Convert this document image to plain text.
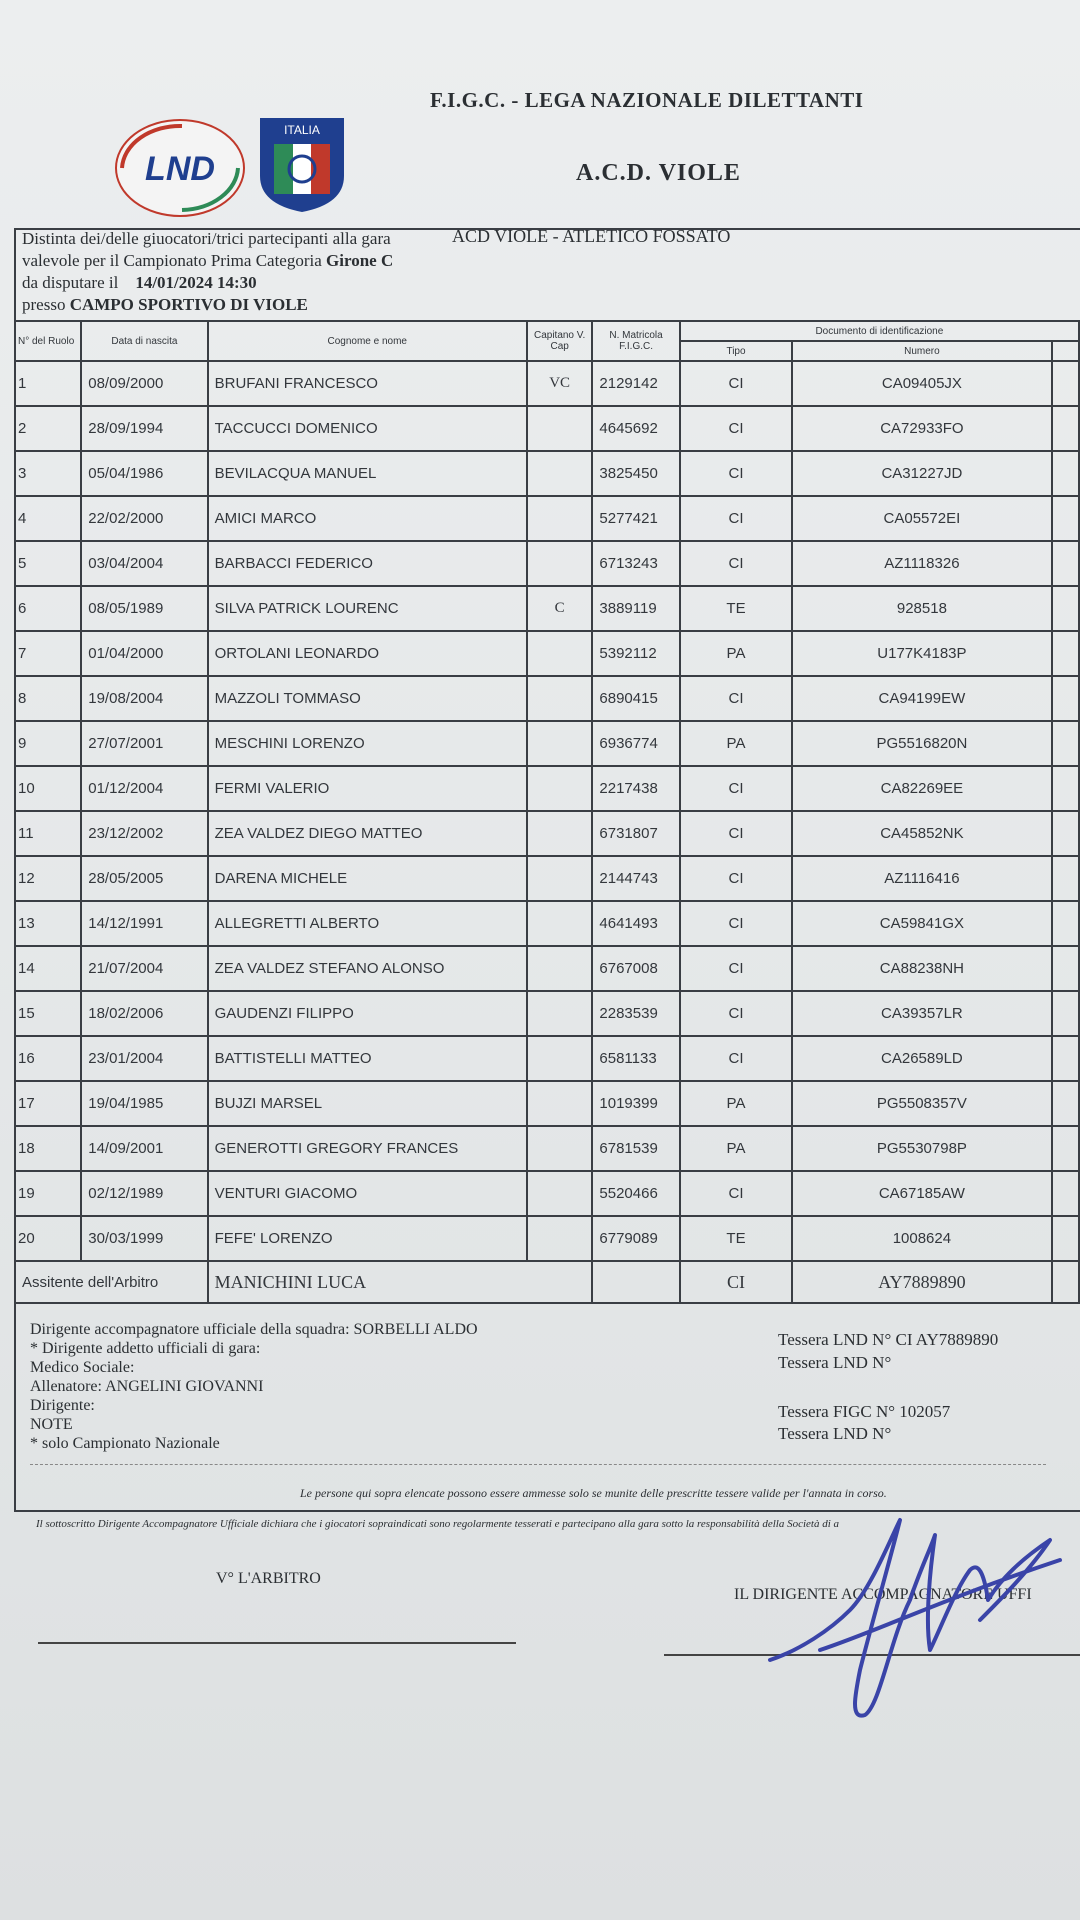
LND
ITALIA
F.I.G.C. - LEGA NAZIONALE DILETTANTI
A.C.D. VIOLE
Distinta dei/delle giuocatori/trici partecipanti alla gara
valevole per il Campionato Prima Categoria Girone C
da disputare il 14/01/2024 14:30
presso CAMPO SPORTIVO DI VIOLE
ACD VIOLE - ATLETICO FOSSATO
N° del Ruolo	Data di nascita	Cognome e nome	Capitano V. Cap	N. Matricola F.I.G.C.	Documento di identificazione		
					Tipo	Numero	
1	08/09/2000	BRUFANI FRANCESCO	VC	2129142	CI	CA09405JX	
2	28/09/1994	TACCUCCI DOMENICO		4645692	CI	CA72933FO	
3	05/04/1986	BEVILACQUA MANUEL		3825450	CI	CA31227JD	
4	22/02/2000	AMICI MARCO		5277421	CI	CA05572EI	
5	03/04/2004	BARBACCI FEDERICO		6713243	CI	AZ1118326	
6	08/05/1989	SILVA PATRICK LOURENC	C	3889119	TE	928518	
7	01/04/2000	ORTOLANI LEONARDO		5392112	PA	U177K4183P	
8	19/08/2004	MAZZOLI TOMMASO		6890415	CI	CA94199EW	
9	27/07/2001	MESCHINI LORENZO		6936774	PA	PG5516820N	
10	01/12/2004	FERMI VALERIO		2217438	CI	CA82269EE	
11	23/12/2002	ZEA VALDEZ DIEGO MATTEO		6731807	CI	CA45852NK	
12	28/05/2005	DARENA MICHELE		2144743	CI	AZ1116416	
13	14/12/1991	ALLEGRETTI ALBERTO		4641493	CI	CA59841GX	
14	21/07/2004	ZEA VALDEZ STEFANO ALONSO		6767008	CI	CA88238NH	
15	18/02/2006	GAUDENZI FILIPPO		2283539	CI	CA39357LR	
16	23/01/2004	BATTISTELLI MATTEO		6581133	CI	CA26589LD	
17	19/04/1985	BUJZI MARSEL		1019399	PA	PG5508357V	
18	14/09/2001	GENEROTTI GREGORY FRANCES		6781539	PA	PG5530798P	
19	02/12/1989	VENTURI GIACOMO		5520466	CI	CA67185AW	
20	30/03/1999	FEFE' LORENZO		6779089	TE	1008624	
Assitente dell'Arbitro		MANICHINI LUCA			CI	AY7889890	
Dirigente accompagnatore ufficiale della squadra: SORBELLI ALDO
* Dirigente addetto ufficiali di gara:
Medico Sociale:
Allenatore: ANGELINI GIOVANNI
Dirigente:
NOTE
* solo Campionato Nazionale
Tessera LND N° CI AY7889890
Tessera LND N°
Tessera FIGC N° 102057
Tessera LND N°
Le persone qui sopra elencate possono essere ammesse solo se munite delle prescritte tessere valide per l'annata in corso.
Il sottoscritto Dirigente Accompagnatore Ufficiale dichiara che i giocatori sopraindicati sono regolarmente tesserati e partecipano alla gara sotto la responsabilità della Società di a
V° L'ARBITRO
IL DIRIGENTE ACCOMPAGNATORE UFFI
